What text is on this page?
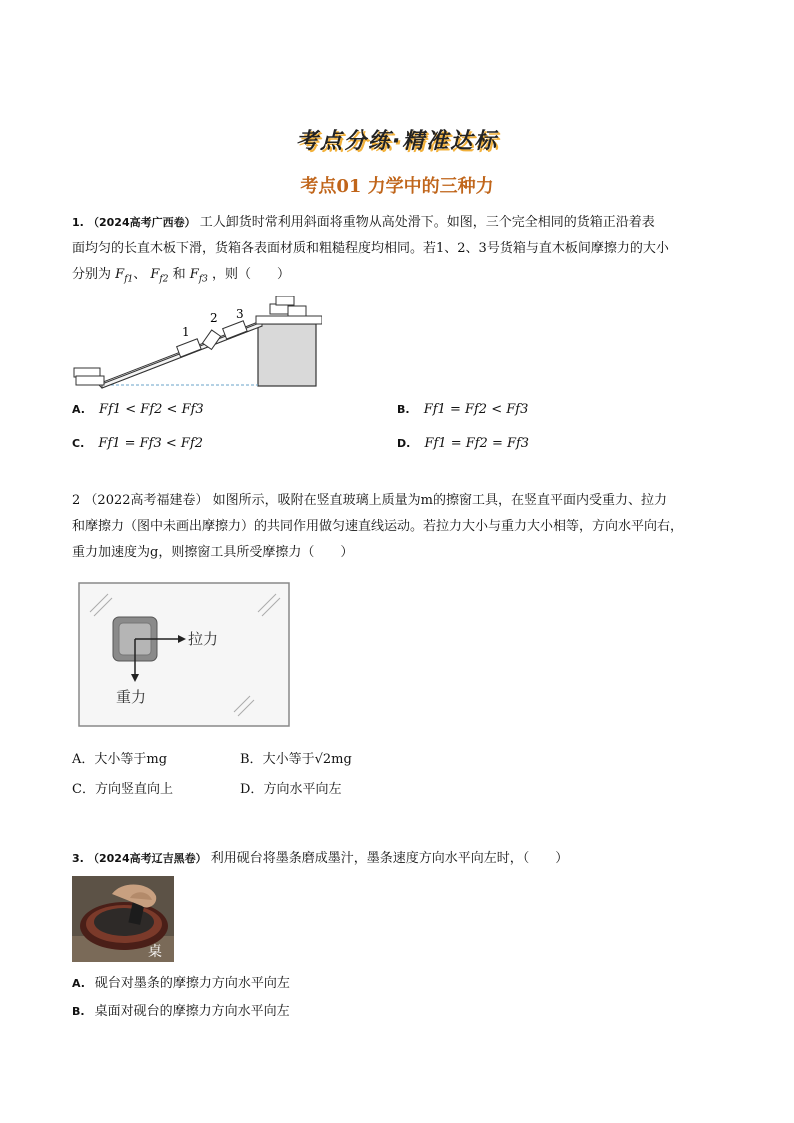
考点分练·精准达标
考点01 力学中的三种力
1. （2024高考广西卷） 工人卸货时常利用斜面将重物从高处滑下。如图，三个完全相同的货箱正沿着表
面均匀的长直木板下滑，货箱各表面材质和粗糙程度均相同。若1、2、3号货箱与直木板间摩擦力的大小
分别为 $F_{f1}$、 $F_{f2}$ 和 $F_{f3}$ ，则（　　）
1
2 3
A. Ff1 < Ff2 < Ff3	B. Ff1 = Ff2 < Ff3
C. Ff1 = Ff3 < Ff2	D. Ff1 = Ff2 = Ff3
2 （2022高考福建卷） 如图所示，吸附在竖直玻璃上质量为m的擦窗工具，在竖直平面内受重力、拉力
和摩擦力（图中未画出摩擦力）的共同作用做匀速直线运动。若拉力大小与重力大小相等，方向水平向右，
重力加速度为g，则擦窗工具所受摩擦力（　　）
拉力
重力
A．大小等于mg	B．大小等于√2mg
C．方向竖直向上	D．方向水平向左
3. （2024高考辽吉黑卷） 利用砚台将墨条磨成墨汁，墨条速度方向水平向左时，（　　）
桌
A. 砚台对墨条的摩擦力方向水平向左
B. 桌面对砚台的摩擦力方向水平向左
